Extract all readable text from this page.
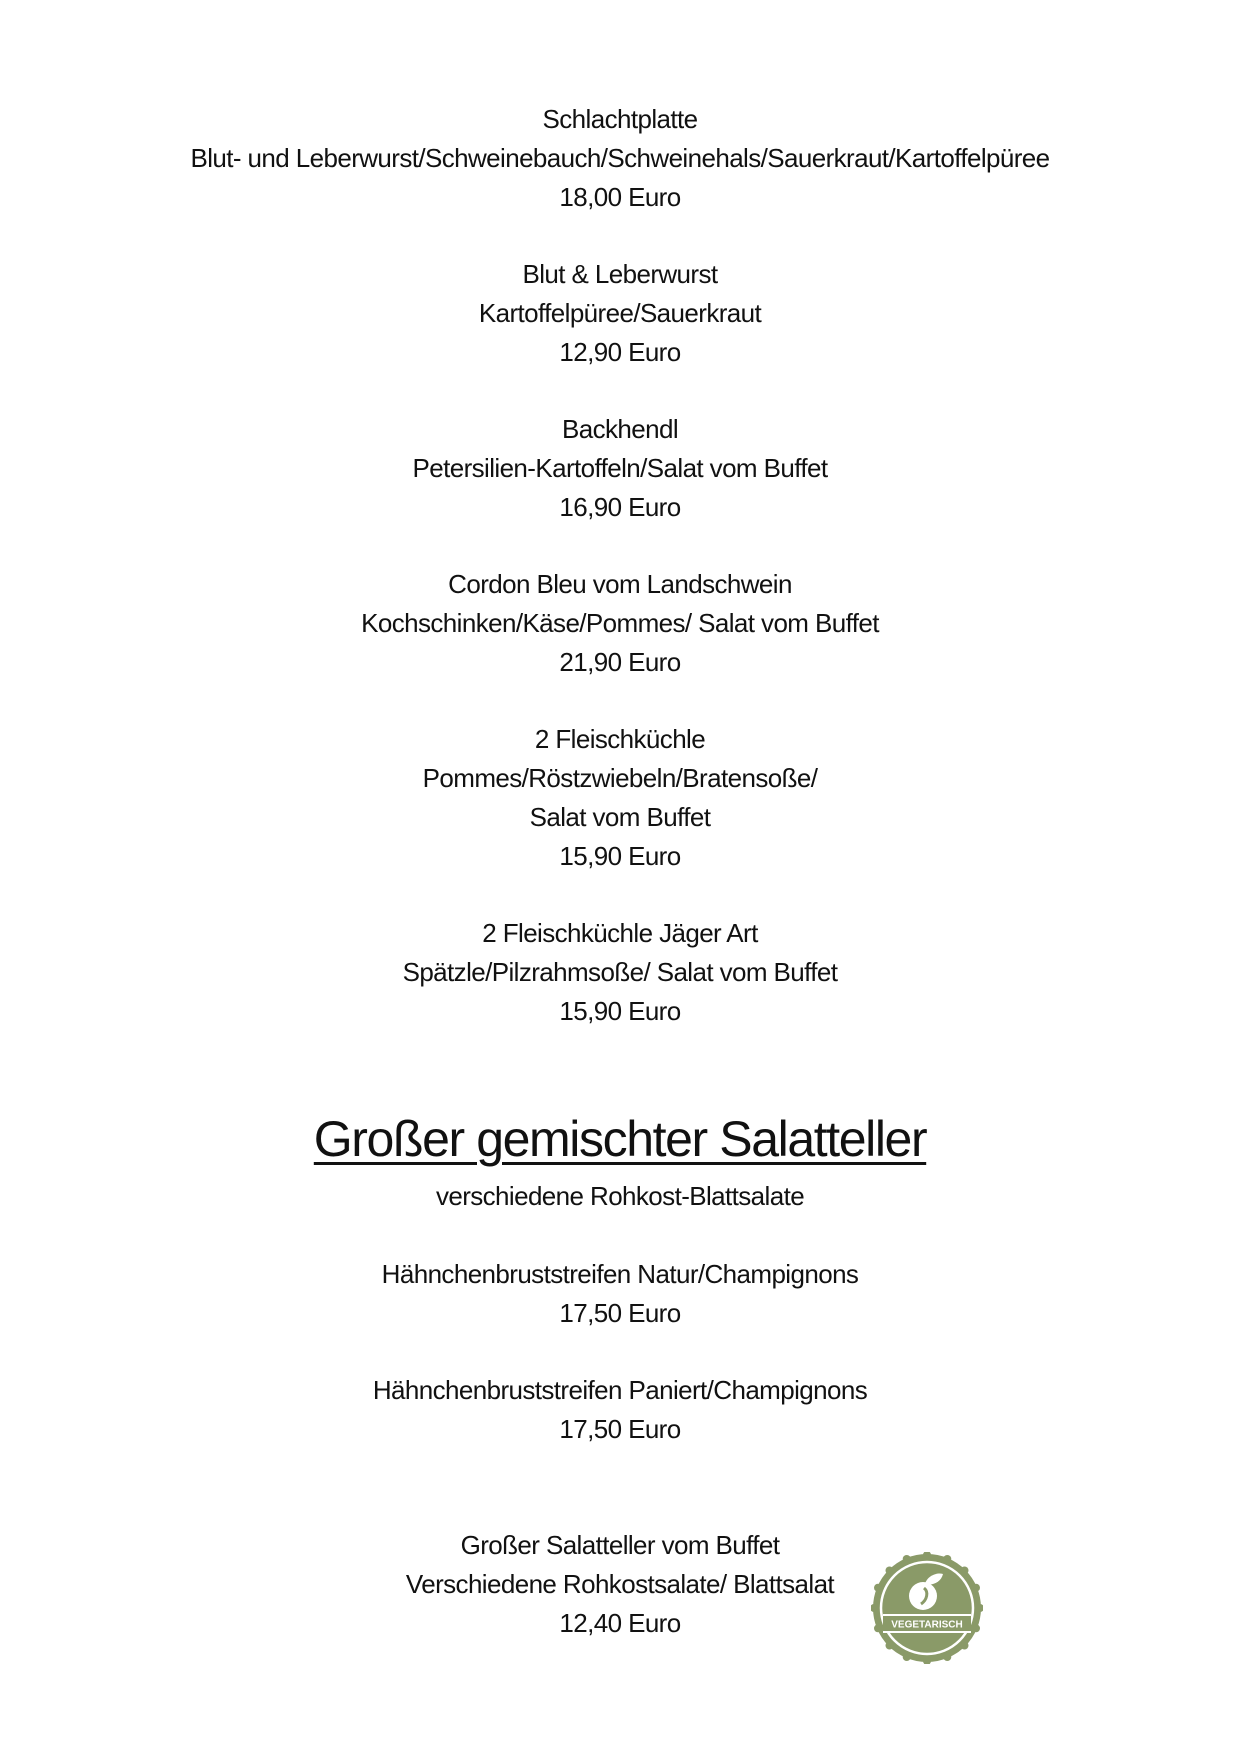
Schlachtplatte
Blut- und Leberwurst/Schweinebauch/Schweinehals/Sauerkraut/Kartoffelpüree
18,00 Euro
Blut & Leberwurst
Kartoffelpüree/Sauerkraut
12,90 Euro
Backhendl
Petersilien-Kartoffeln/Salat vom Buffet
16,90 Euro
Cordon Bleu vom Landschwein
Kochschinken/Käse/Pommes/ Salat vom Buffet
21,90 Euro
2 Fleischküchle
Pommes/Röstzwiebeln/Bratensoße/
Salat vom Buffet
15,90 Euro
2 Fleischküchle Jäger Art
Spätzle/Pilzrahmsoße/ Salat vom Buffet
15,90 Euro
Großer gemischter Salatteller
verschiedene Rohkost-Blattsalate
Hähnchenbruststreifen Natur/Champignons
17,50 Euro
Hähnchenbruststreifen Paniert/Champignons
17,50 Euro
Großer Salatteller vom Buffet
Verschiedene Rohkostsalate/ Blattsalat
12,40 Euro	VEGETARISCH
